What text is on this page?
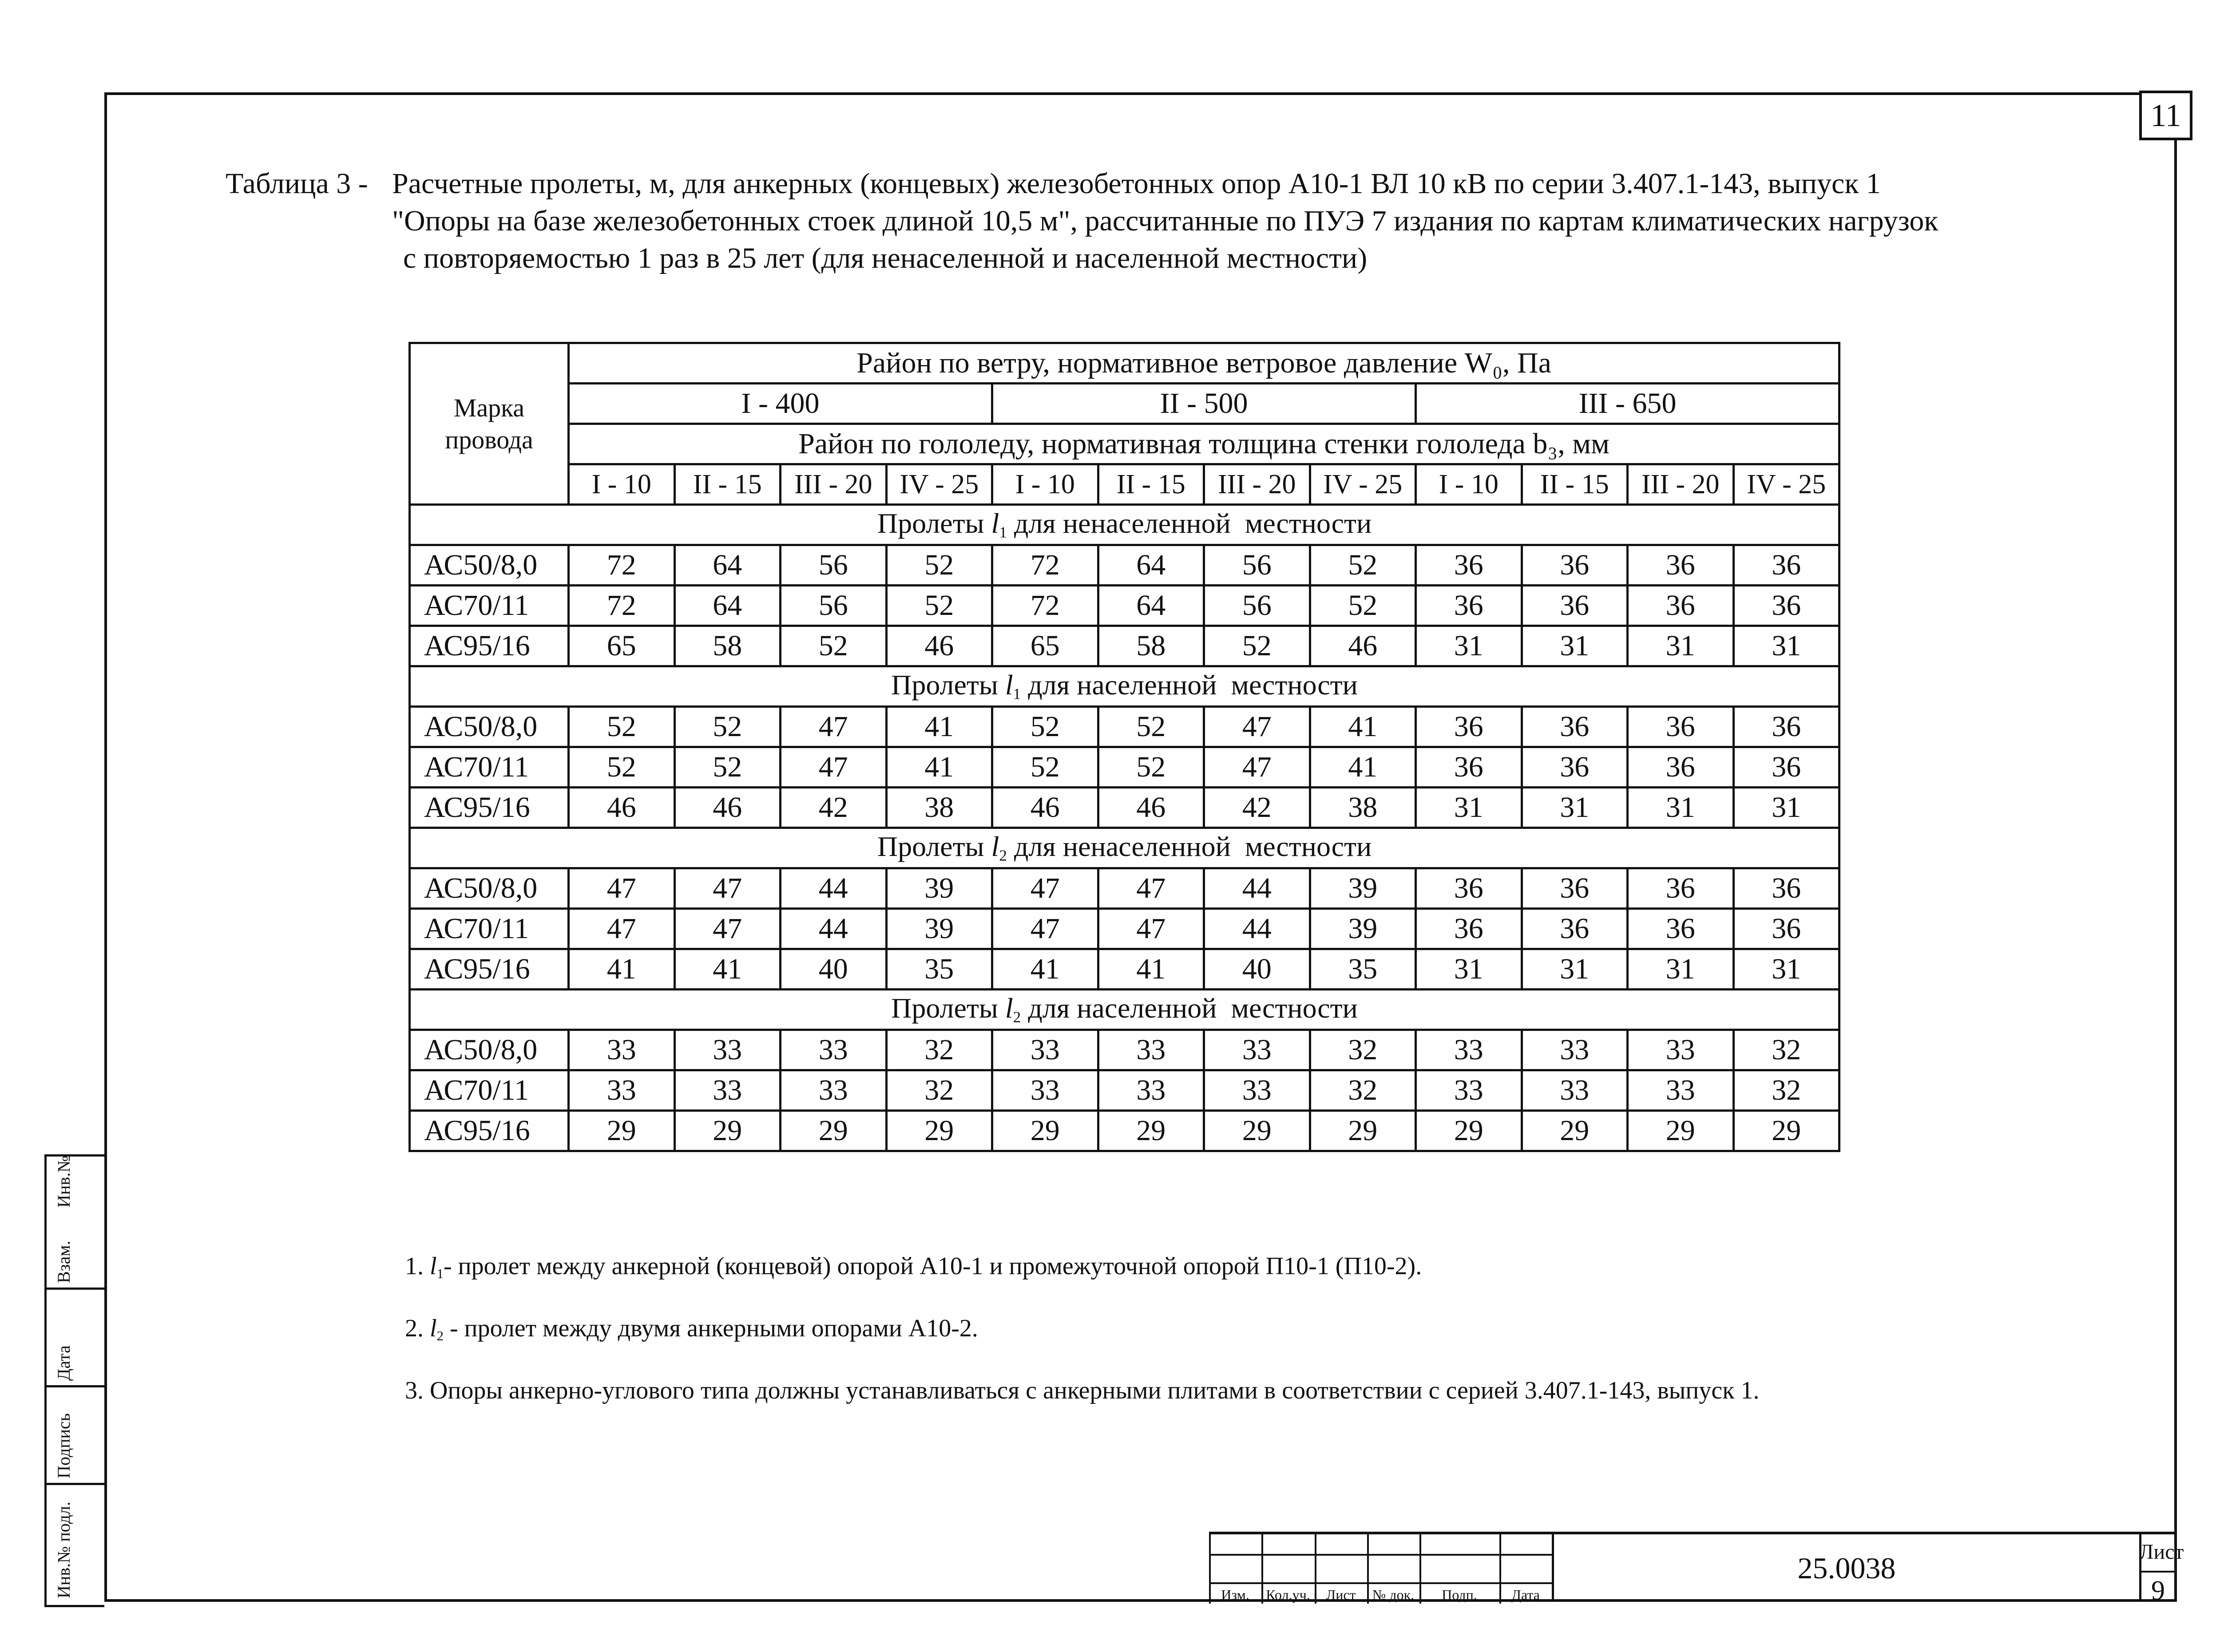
11
Таблица 3 - Расчетные пролеты, м, для анкерных (концевых) железобетонных опор А10-1 ВЛ 10 кВ по серии 3.407.1-143, выпуск 1
"Опоры на базе железобетонных стоек длиной 10,5 м", рассчитанные по ПУЭ 7 издания по картам климатических нагрузок
с повторяемостью 1 раз в 25 лет (для ненаселенной и населенной местности)
Марка провода	Район по ветру, нормативное ветровое давление W₀, Па											
	I - 400				II - 500				III - 650			
	Район по гололеду, нормативная толщина стенки гололеда b₃, мм											
	I - 10	II - 15	III - 20	IV - 25	I - 10	II - 15	III - 20	IV - 25	I - 10	II - 15	III - 20	IV - 25
Пролеты $l_1$ для ненаселенной  местности												
АС50/8,0	72	64	56	52	72	64	56	52	36	36	36	36
АС70/11	72	64	56	52	72	64	56	52	36	36	36	36
АС95/16	65	58	52	46	65	58	52	46	31	31	31	31
Пролеты $l_1$ для населенной  местности												
АС50/8,0	52	52	47	41	52	52	47	41	36	36	36	36
АС70/11	52	52	47	41	52	52	47	41	36	36	36	36
АС95/16	46	46	42	38	46	46	42	38	31	31	31	31
Пролеты $l_2$ для ненаселенной  местности												
АС50/8,0	47	47	44	39	47	47	44	39	36	36	36	36
АС70/11	47	47	44	39	47	47	44	39	36	36	36	36
АС95/16	41	41	40	35	41	41	40	35	31	31	31	31
Пролеты $l_2$ для населенной  местности												
АС50/8,0	33	33	33	32	33	33	33	32	33	33	33	32
АС70/11	33	33	33	32	33	33	33	32	33	33	33	32
АС95/16	29	29	29	29	29	29	29	29	29	29	29	29
1. $l_1-$ пролет между анкерной (концевой) опорой А10-1 и промежуточной опорой П10-1 (П10-2).
2. $l_2$ - пролет между двумя анкерными опорами А10-2.
3. Опоры анкерно-углового типа должны устанавливаться с анкерными плитами в соответствии с серией 3.407.1-143, выпуск 1.
Инв.№ подл.
Подпись
Дата
Взам.
Инв.№
Изм.	Кол.уч.	Лист	№ док.	Подп.	Дата
25.0038	Лист
9
